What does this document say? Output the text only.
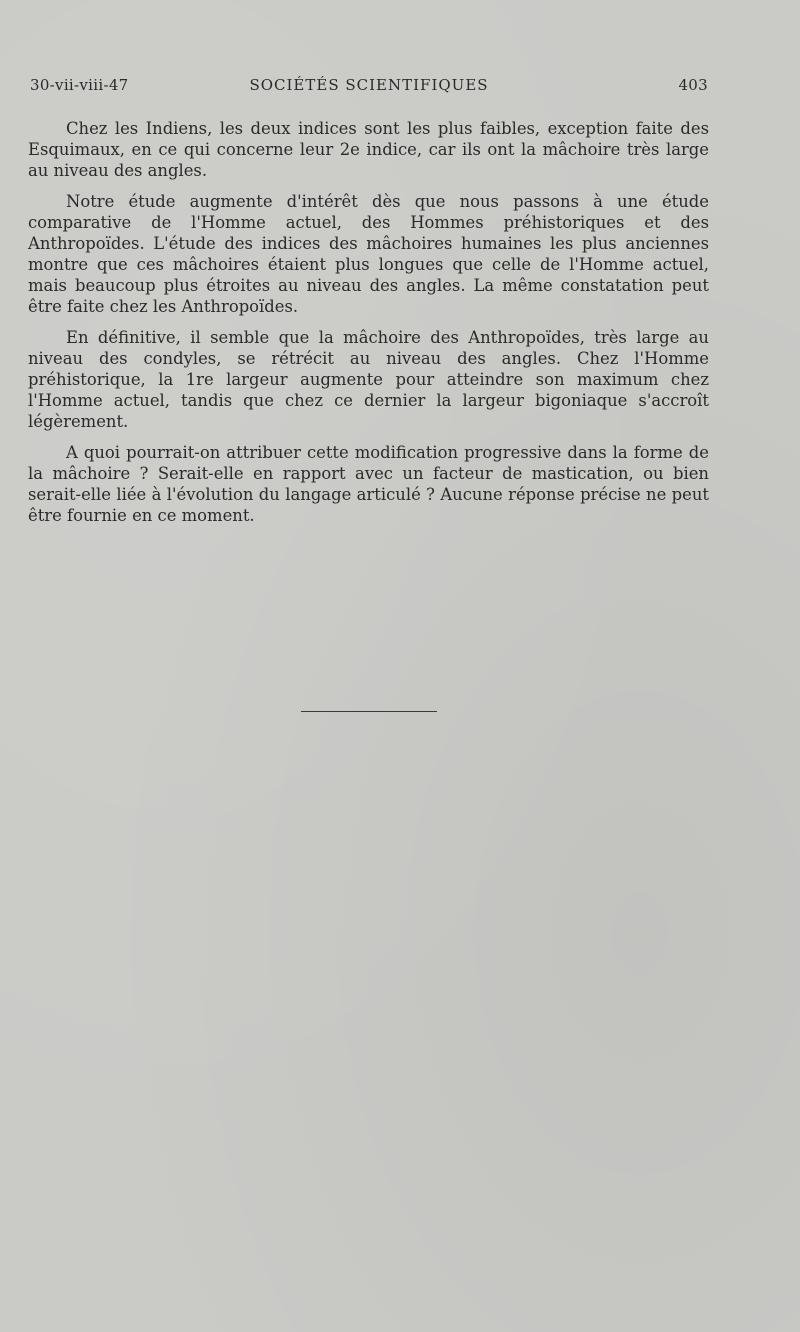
30-vii-viii-47	SOCIÉTÉS SCIENTIFIQUES	403

Chez les Indiens, les deux indices sont les plus faibles, exception faite des Esquimaux, en ce qui concerne leur 2e indice, car ils ont la mâchoire très large au niveau des angles.

Notre étude augmente d'intérêt dès que nous passons à une étude comparative de l'Homme actuel, des Hommes préhistoriques et des Anthropoïdes. L'étude des indices des mâchoires humaines les plus anciennes montre que ces mâchoires étaient plus longues que celle de l'Homme actuel, mais beaucoup plus étroites au niveau des angles. La même constatation peut être faite chez les Anthropoïdes.

En définitive, il semble que la mâchoire des Anthropoïdes, très large au niveau des condyles, se rétrécit au niveau des angles. Chez l'Homme préhistorique, la 1re largeur augmente pour atteindre son maximum chez l'Homme actuel, tandis que chez ce dernier la largeur bigoniaque s'accroît légèrement.

A quoi pourrait-on attribuer cette modification progressive dans la forme de la mâchoire ? Serait-elle en rapport avec un facteur de mastication, ou bien serait-elle liée à l'évolution du langage articulé ? Aucune réponse précise ne peut être fournie en ce moment.
